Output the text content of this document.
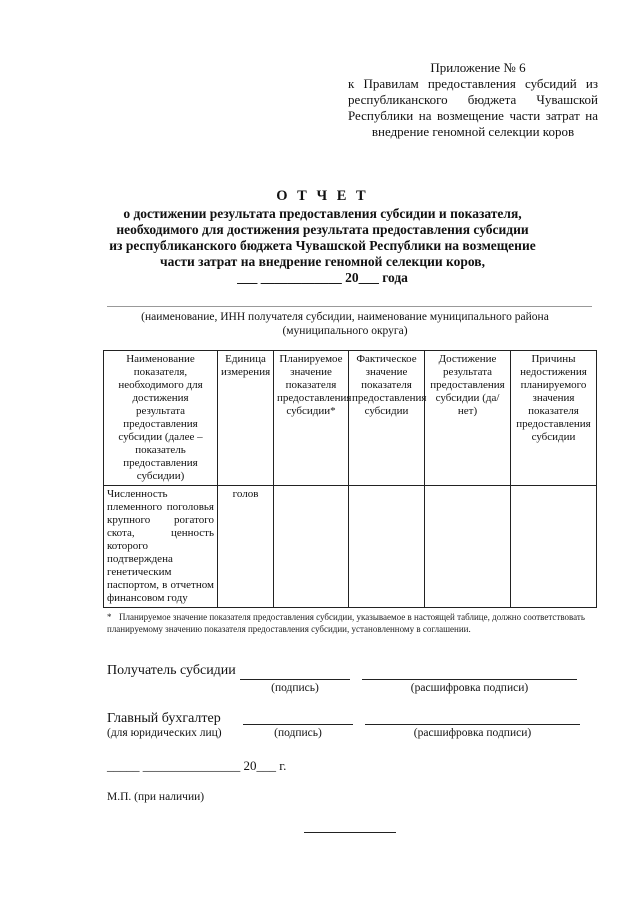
Приложение № 6
к Правилам предоставления субсидий из республиканского бюджета Чувашской Республики на возмещение части затрат на внедрение геномной селекции коров
О Т Ч Е Т
о достижении результата предоставления субсидии и показателя,
необходимого для достижения результата предоставления субсидии
из республиканского бюджета Чувашской Республики на возмещение
части затрат на внедрение геномной селекции коров,
___ ____________ 20___ года
(наименование, ИНН получателя субсидии, наименование муниципального района (муниципального округа)
Наименование показателя, необходимого для достижения результата предоставления субсидии (далее – показатель предоставления субсидии)	Единица измерения	Планируемое значение показателя предоставления субсидии*	Фактическое значение показателя предоставления субсидии	Достижение результата предоставления субсидии (да/нет)	Причины недостижения планируемого значения показателя предоставления субсидии
Численность племенного поголовья крупного рогатого скота, ценность которого подтверждена генетическим паспортом, в отчетном финансовом году	голов				
* Планируемое значение показателя предоставления субсидии, указываемое в настоящей таблице, должно соответствовать планируемому значению показателя предоставления субсидии, установленному в соглашении.
Получатель субсидии
(подпись)	(расшифровка подписи)
Главный бухгалтер
(для юридических лиц)	(подпись)	(расшифровка подписи)
_____ _______________ 20___ г.
М.П. (при наличии)
